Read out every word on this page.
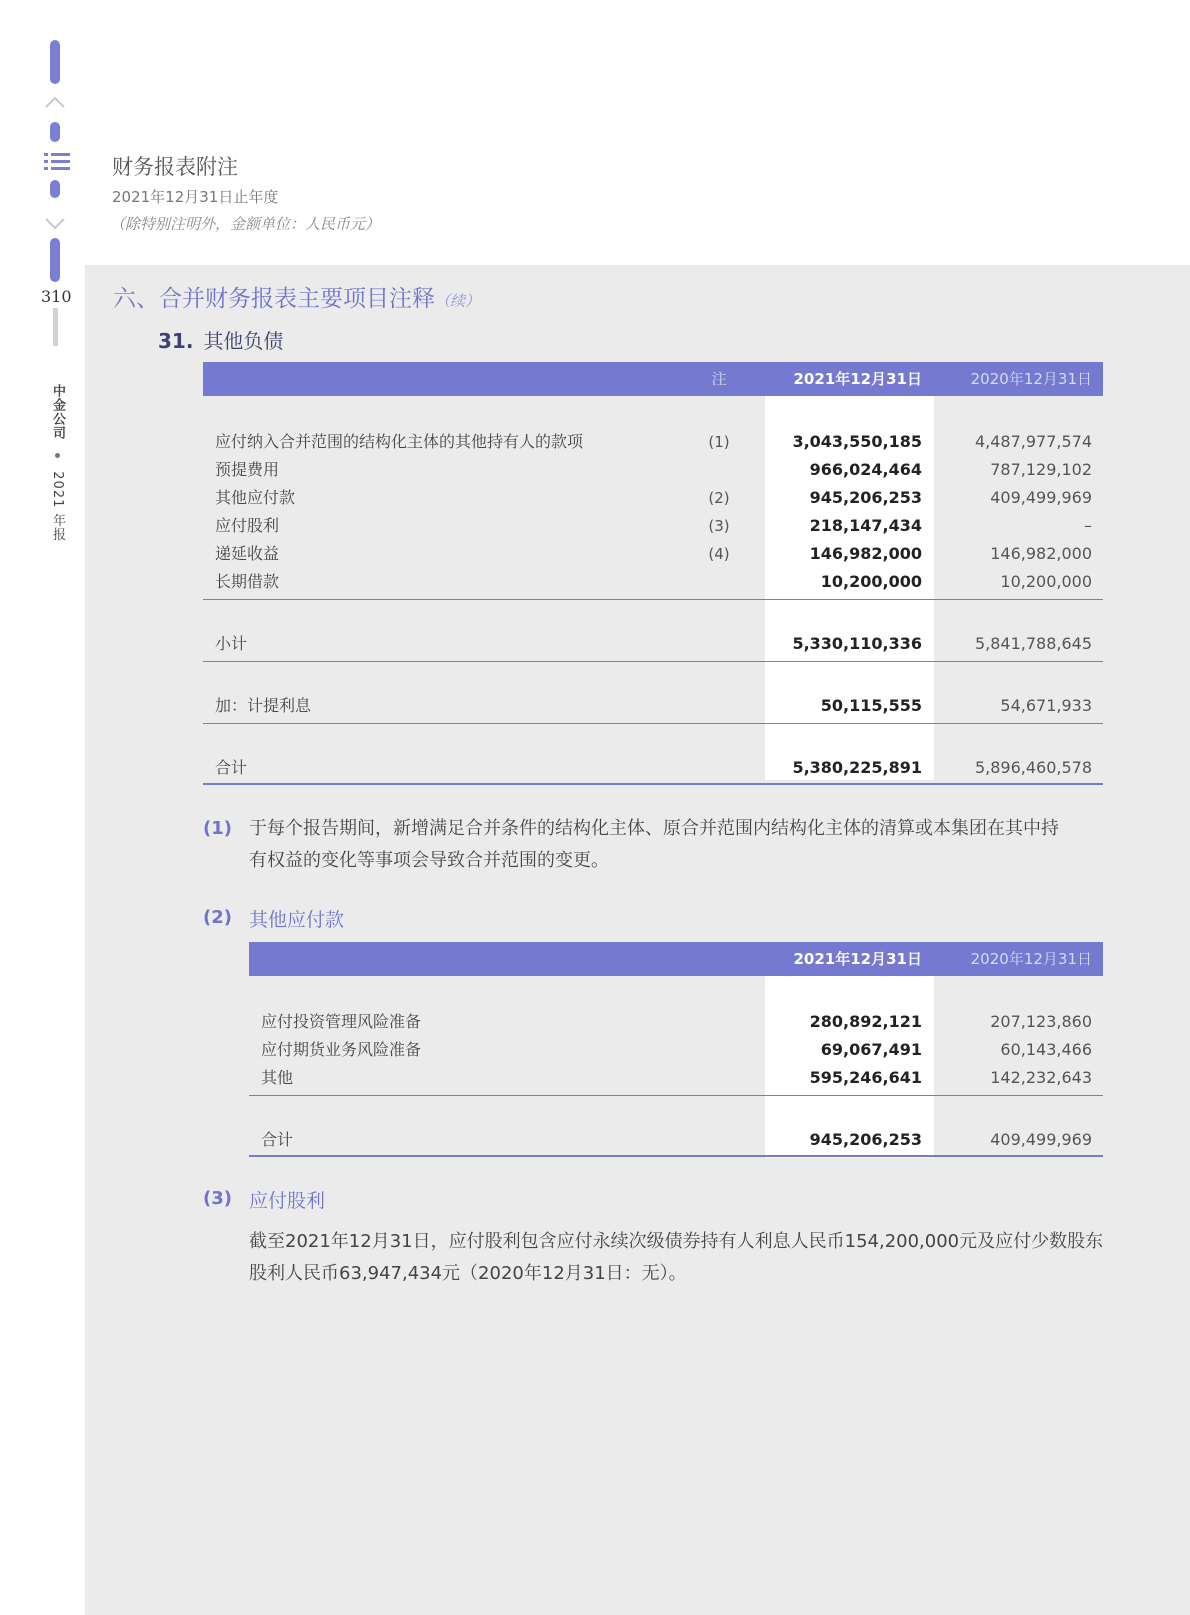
310
中金公司  2021 年报
财务报表附注
2021年12月31日止年度
（除特别注明外，金额单位：人民币元）
六、合并财务报表主要项目注释（续）
31. 其他负债
注	2021年12月31日	2020年12月31日
应付纳入合并范围的结构化主体的其他持有人的款项	(1)	3,043,550,185	4,487,977,574
预提费用	966,024,464	787,129,102
其他应付款	(2)	945,206,253	409,499,969
应付股利	(3)	218,147,434	–
递延收益	(4)	146,982,000	146,982,000
长期借款	10,200,000	10,200,000
小计	5,330,110,336	5,841,788,645
加：计提利息	50,115,555	54,671,933
合计	5,380,225,891	5,896,460,578
(1) 于每个报告期间，新增满足合并条件的结构化主体、原合并范围内结构化主体的清算或本集团在其中持
有权益的变化等事项会导致合并范围的变更。
(2) 其他应付款
2021年12月31日	2020年12月31日
应付投资管理风险准备	280,892,121	207,123,860
应付期货业务风险准备	69,067,491	60,143,466
其他	595,246,641	142,232,643
合计	945,206,253	409,499,969
(3) 应付股利
截至2021年12月31日，应付股利包含应付永续次级债券持有人利息人民币154,200,000元及应付少数股东
股利人民币63,947,434元（2020年12月31日：无）。
